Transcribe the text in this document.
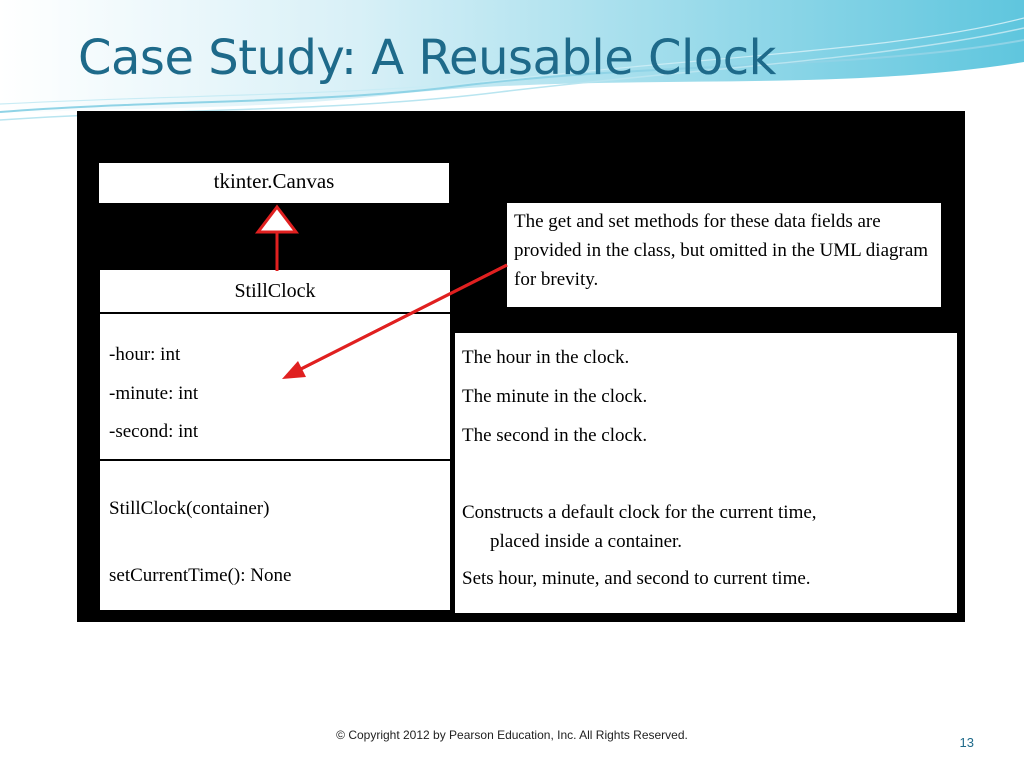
Case Study: A Reusable Clock
tkinter.Canvas
StillClock
-hour: int
-minute: int
-second: int
StillClock(container)
setCurrentTime(): None
The get and set methods for these data fields are provided in the class, but omitted in the UML diagram for brevity.
The hour in the clock.
The minute in the clock.
The second in the clock.
Constructs a default clock for the current time,
placed inside a container.
Sets hour, minute, and second to current time.
© Copyright 2012 by Pearson Education, Inc. All Rights Reserved.	13
